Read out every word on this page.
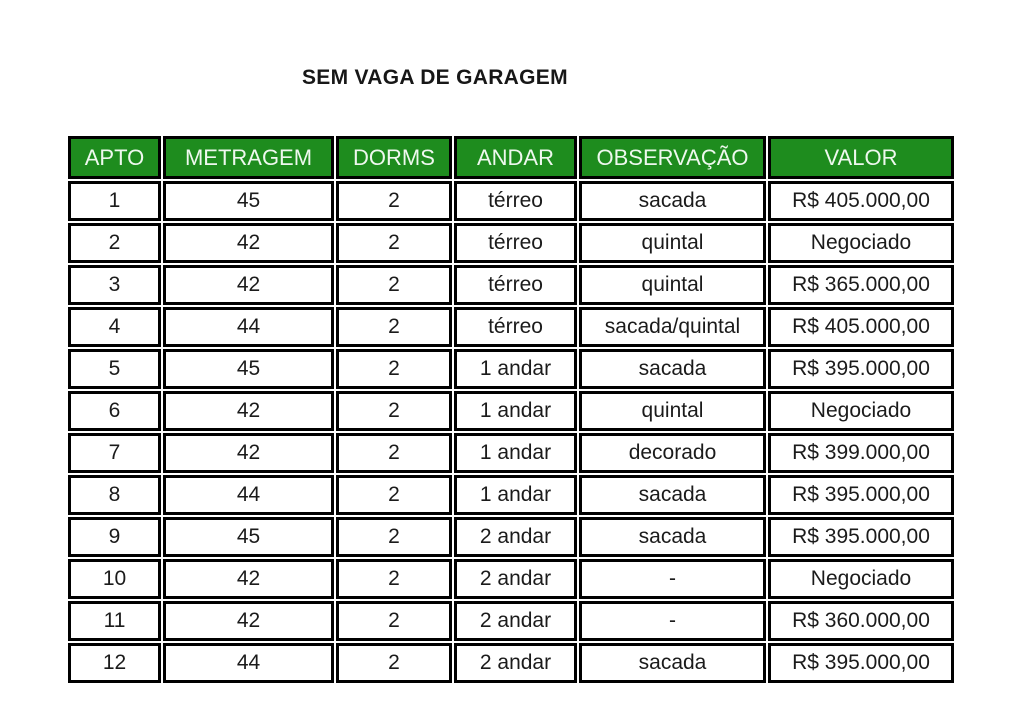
SEM VAGA DE GARAGEM
APTO	METRAGEM	DORMS	ANDAR	OBSERVAÇÃO	VALOR
1	45	2	térreo	sacada	R$ 405.000,00
2	42	2	térreo	quintal	Negociado
3	42	2	térreo	quintal	R$ 365.000,00
4	44	2	térreo	sacada/quintal	R$ 405.000,00
5	45	2	1 andar	sacada	R$ 395.000,00
6	42	2	1 andar	quintal	Negociado
7	42	2	1 andar	decorado	R$ 399.000,00
8	44	2	1 andar	sacada	R$ 395.000,00
9	45	2	2 andar	sacada	R$ 395.000,00
10	42	2	2 andar	-	Negociado
11	42	2	2 andar	-	R$ 360.000,00
12	44	2	2 andar	sacada	R$ 395.000,00
